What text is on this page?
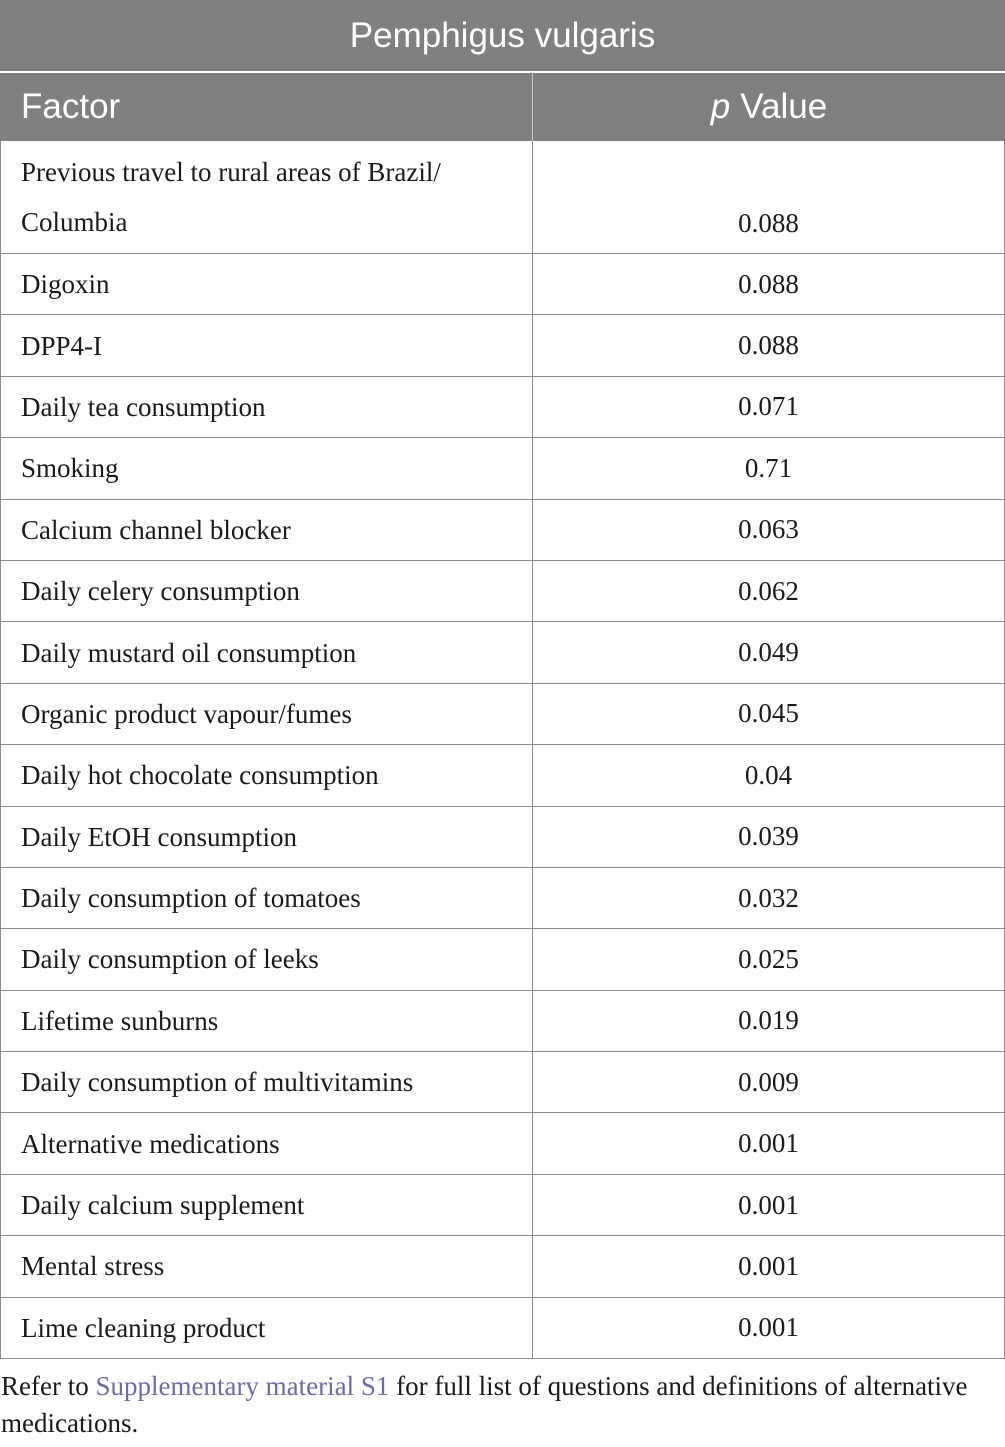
Pemphigus vulgaris
Factor	p Value
Previous travel to rural areas of Brazil/ Columbia	0.088
Digoxin	0.088
DPP4-I	0.088
Daily tea consumption	0.071
Smoking	0.71
Calcium channel blocker	0.063
Daily celery consumption	0.062
Daily mustard oil consumption	0.049
Organic product vapour/fumes	0.045
Daily hot chocolate consumption	0.04
Daily EtOH consumption	0.039
Daily consumption of tomatoes	0.032
Daily consumption of leeks	0.025
Lifetime sunburns	0.019
Daily consumption of multivitamins	0.009
Alternative medications	0.001
Daily calcium supplement	0.001
Mental stress	0.001
Lime cleaning product	0.001
Refer to Supplementary material S1 for full list of questions and definitions of alternative medications.
